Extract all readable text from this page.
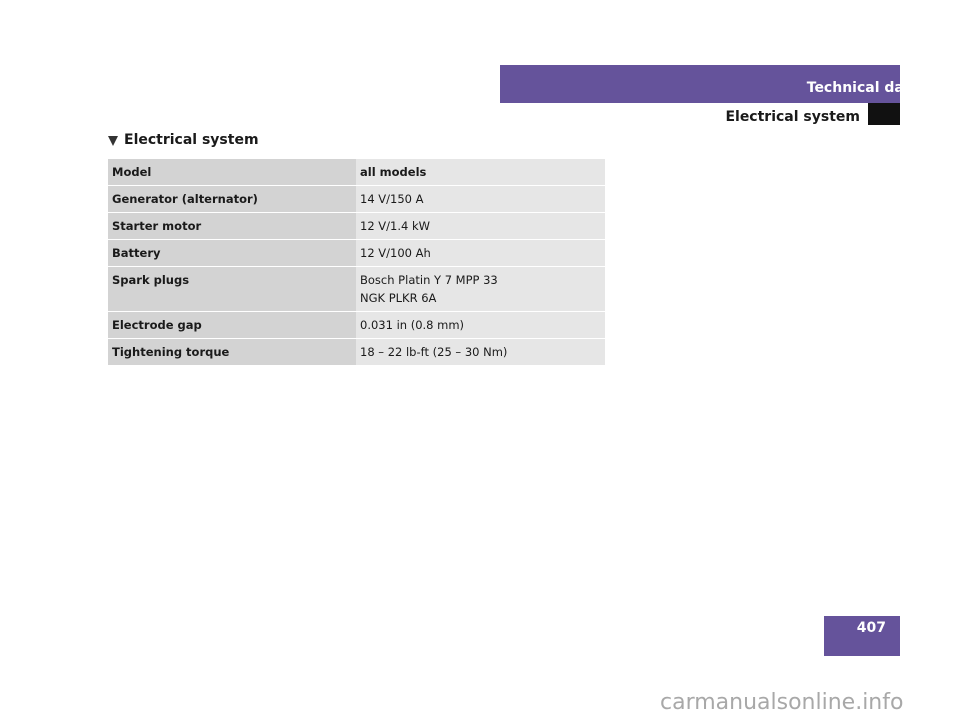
Technical data
Electrical system
Electrical system
Model	all models
Generator (alternator)	14 V/150 A
Starter motor	12 V/1.4 kW
Battery	12 V/100 Ah
Spark plugs	Bosch Platin Y 7 MPP 33
NGK PLKR 6A

Electrode gap	0.031 in (0.8 mm)
Tightening torque	18 – 22 lb-ft (25 – 30 Nm)
407
carmanualsonline.info
